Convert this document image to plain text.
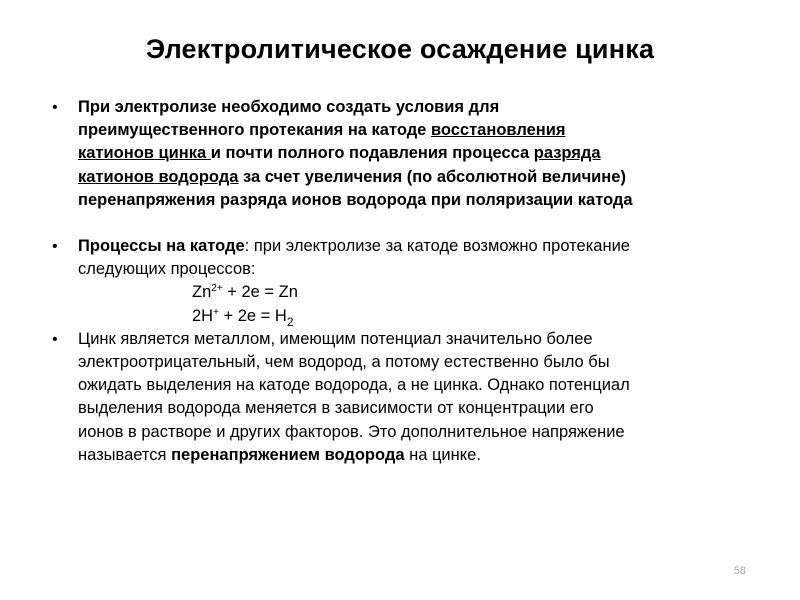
Электролитическое осаждение цинка
• При электролизе необходимо создать условия для
преимущественного протекания на катоде восстановления
катионов цинка и почти полного подавления процесса разряда
катионов водорода за счет увеличения (по абсолютной величине)
перенапряжения разряда ионов водорода при поляризации катода
• Процессы на катоде: при электролизе за катоде возможно протекание
следующих процессов:
$Zn^{2+} + 2e = Zn$
$2H^+ + 2e = H_2$
• Цинк является металлом, имеющим потенциал значительно более
электроотрицательный, чем водород, а потому естественно было бы
ожидать выделения на катоде водорода, а не цинка. Однако потенциал
выделения водорода меняется в зависимости от концентрации его
ионов в растворе и других факторов. Это дополнительное напряжение
называется перенапряжением водорода на цинке.
58
